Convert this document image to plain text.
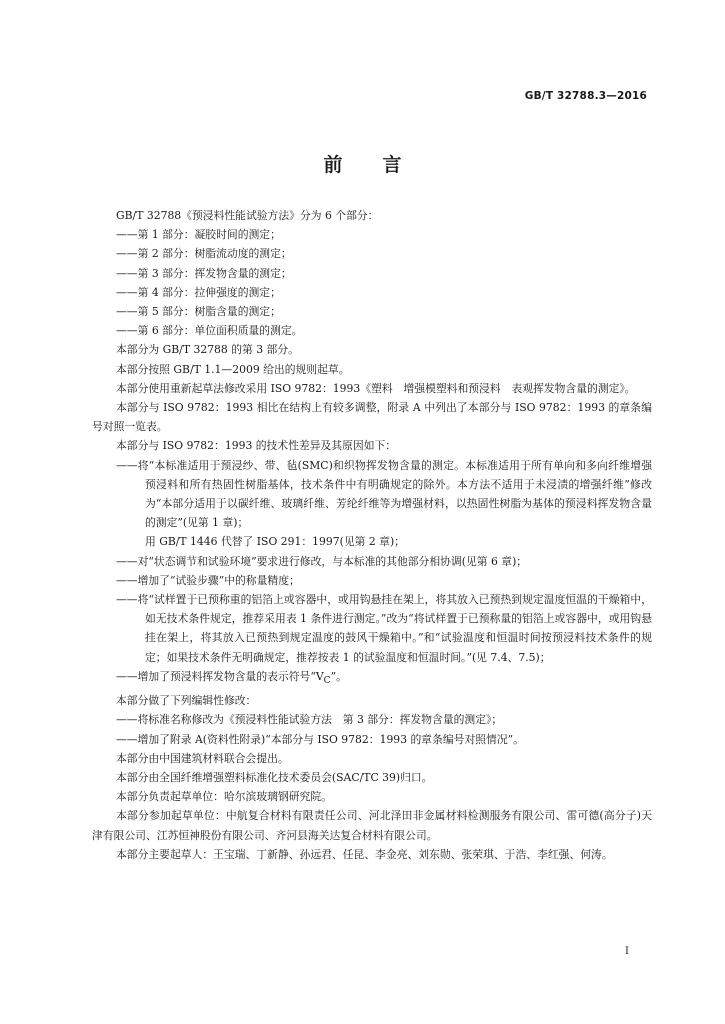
GB/T 32788.3—2016
前言

GB/T 32788《预浸料性能试验方法》分为 6 个部分：

——第 1 部分：凝胶时间的测定；

——第 2 部分：树脂流动度的测定；

——第 3 部分：挥发物含量的测定；

——第 4 部分：拉伸强度的测定；

——第 5 部分：树脂含量的测定；

——第 6 部分：单位面积质量的测定。

本部分为 GB/T 32788 的第 3 部分。

本部分按照 GB/T 1.1—2009 给出的规则起草。

本部分使用重新起草法修改采用 ISO 9782：1993《塑料　增强模塑料和预浸料　表观挥发物含量的测定》。

本部分与 ISO 9782：1993 相比在结构上有较多调整，附录 A 中列出了本部分与 ISO 9782：1993 的章条编号对照一览表。

本部分与 ISO 9782：1993 的技术性差异及其原因如下：

——将“本标准适用于预浸纱、带、毡(SMC)和织物挥发物含量的测定。本标准适用于所有单向和多向纤维增强预浸料和所有热固性树脂基体，技术条件中有明确规定的除外。本方法不适用于未浸渍的增强纤维”修改为“本部分适用于以碳纤维、玻璃纤维、芳纶纤维等为增强材料，以热固性树脂为基体的预浸料挥发物含量的测定”(见第 1 章)；

用 GB/T 1446 代替了 ISO 291：1997(见第 2 章)；

——对“状态调节和试验环境”要求进行修改，与本标准的其他部分相协调(见第 6 章)；

——增加了“试验步骤”中的称量精度；

——将“试样置于已预称重的铝箔上或容器中，或用钩悬挂在架上，将其放入已预热到规定温度恒温的干燥箱中，如无技术条件规定，推荐采用表 1 条件进行测定。”改为“将试样置于已预称量的铝箔上或容器中，或用钩悬挂在架上，将其放入已预热到规定温度的鼓风干燥箱中。”和“试验温度和恒温时间按预浸料技术条件的规定；如果技术条件无明确规定，推荐按表 1 的试验温度和恒温时间。”(见 7.4、7.5)；

——增加了预浸料挥发物含量的表示符号“$V_C$”。

本部分做了下列编辑性修改：

——将标准名称修改为《预浸料性能试验方法　第 3 部分：挥发物含量的测定》；

——增加了附录 A(资料性附录)“本部分与 ISO 9782：1993 的章条编号对照情况”。

本部分由中国建筑材料联合会提出。

本部分由全国纤维增强塑料标准化技术委员会(SAC/TC 39)归口。

本部分负责起草单位：哈尔滨玻璃钢研究院。

本部分参加起草单位：中航复合材料有限责任公司、河北泽田非金属材料检测服务有限公司、雷可德(高分子)天津有限公司、江苏恒神股份有限公司、齐河县海关达复合材料有限公司。

本部分主要起草人：王宝瑞、丁新静、孙远君、任昆、李金亮、刘东勋、张荣琪、于浩、李红强、何涛。

I
